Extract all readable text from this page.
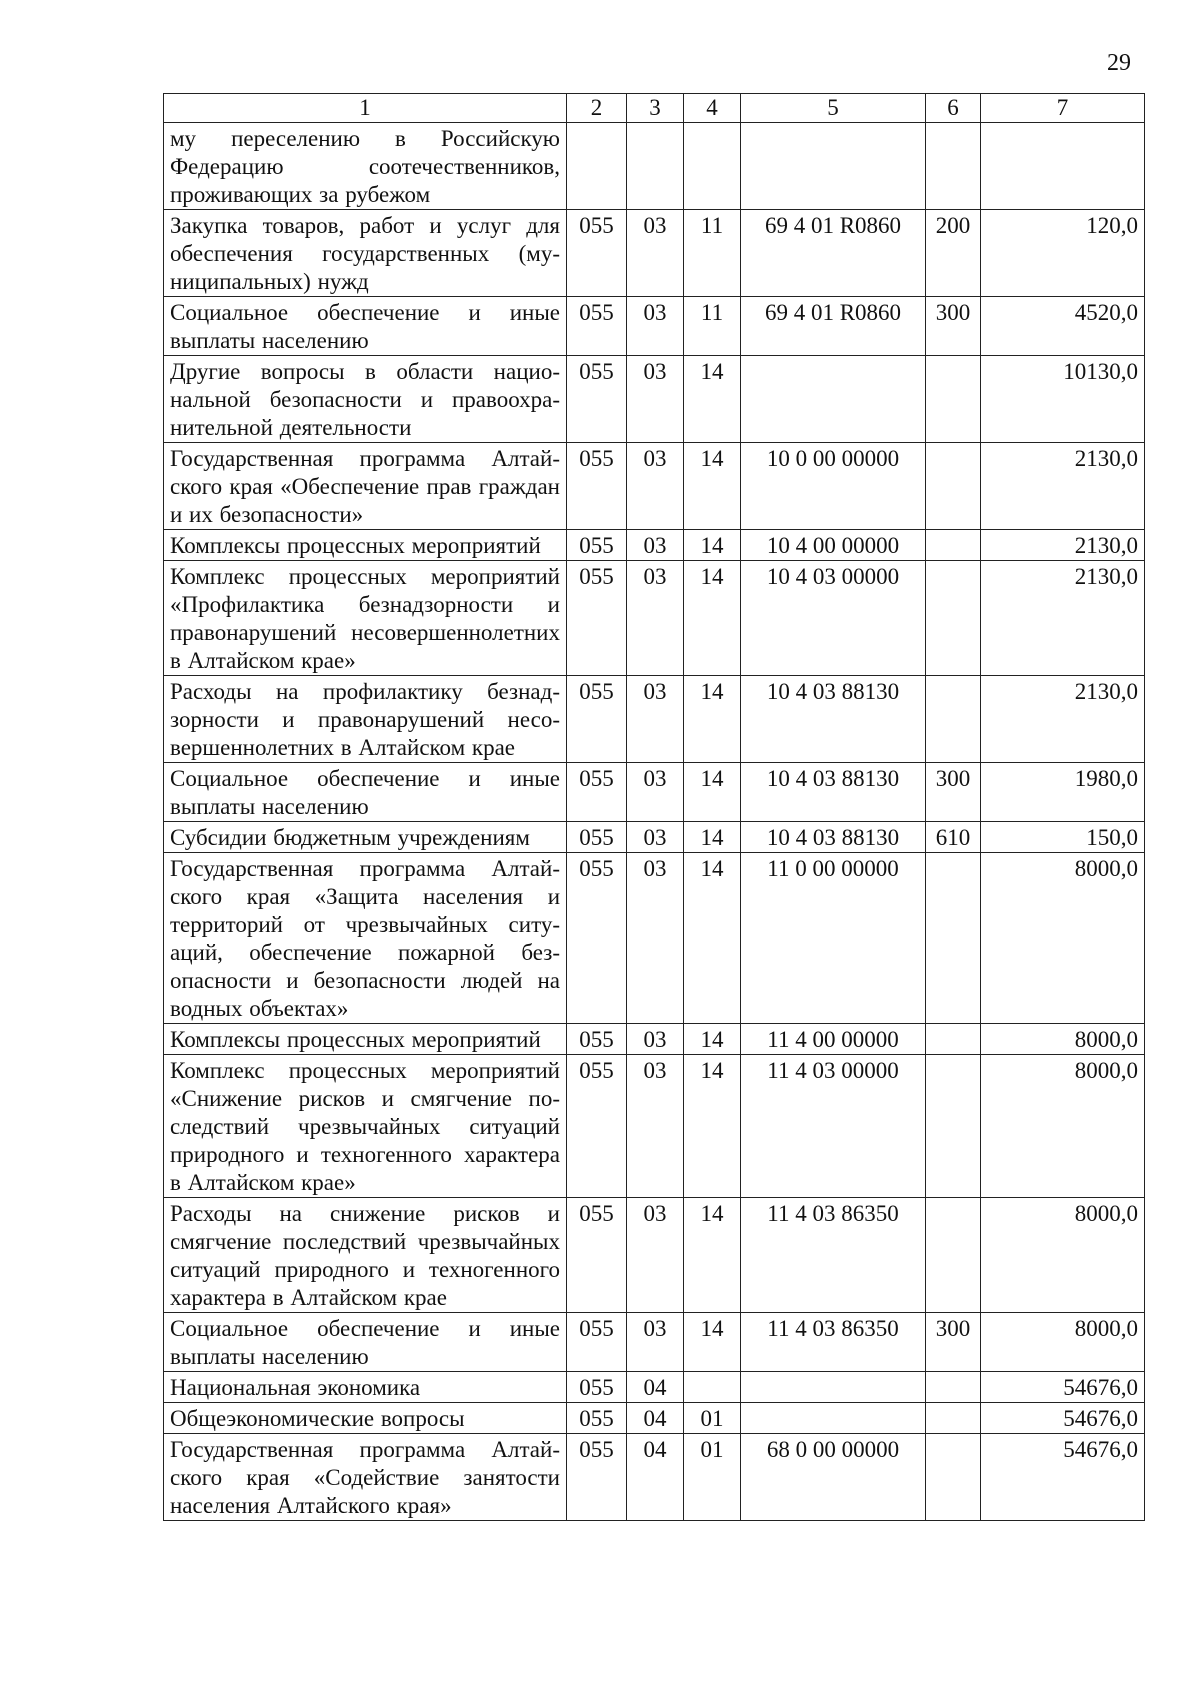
29
1	2	3	4	5	6	7
му переселению в Российскую Федерацию соотечественников, проживающих за рубежом						
Закупка товаров, работ и услуг для обеспечения государственных (муниципальных) нужд	055	03	11	69 4 01 R0860	200	120,0
Социальное обеспечение и иные выплаты населению	055	03	11	69 4 01 R0860	300	4520,0
Другие вопросы в области национальной безопасности и правоохранительной деятельности	055	03	14			10130,0
Государственная программа Алтайского края «Обеспечение прав граждан и их безопасности»	055	03	14	10 0 00 00000		2130,0
Комплексы процессных мероприятий	055	03	14	10 4 00 00000		2130,0
Комплекс процессных мероприятий «Профилактика безнадзорности и правонарушений несовершеннолетних в Алтайском крае»	055	03	14	10 4 03 00000		2130,0
Расходы на профилактику безнадзорности и правонарушений несовершеннолетних в Алтайском крае	055	03	14	10 4 03 88130		2130,0
Социальное обеспечение и иные выплаты населению	055	03	14	10 4 03 88130	300	1980,0
Субсидии бюджетным учреждениям	055	03	14	10 4 03 88130	610	150,0
Государственная программа Алтайского края «Защита населения и территорий от чрезвычайных ситуаций, обеспечение пожарной безопасности и безопасности людей на водных объектах»	055	03	14	11 0 00 00000		8000,0
Комплексы процессных мероприятий	055	03	14	11 4 00 00000		8000,0
Комплекс процессных мероприятий «Снижение рисков и смягчение последствий чрезвычайных ситуаций природного и техногенного характера в Алтайском крае»	055	03	14	11 4 03 00000		8000,0
Расходы на снижение рисков и смягчение последствий чрезвычайных ситуаций природного и техногенного характера в Алтайском крае	055	03	14	11 4 03 86350		8000,0
Социальное обеспечение и иные выплаты населению	055	03	14	11 4 03 86350	300	8000,0
Национальная экономика	055	04				54676,0
Общеэкономические вопросы	055	04	01			54676,0
Государственная программа Алтайского края «Содействие занятости населения Алтайского края»	055	04	01	68 0 00 00000		54676,0
